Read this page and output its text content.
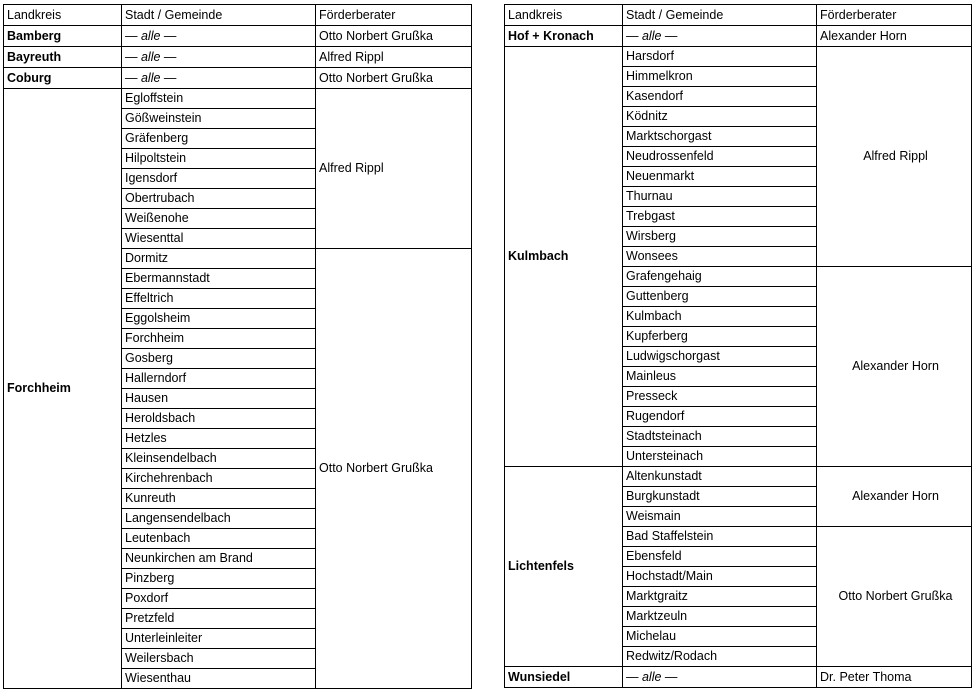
Landkreis	Stadt / Gemeinde	Förderberater
Bamberg	— alle —	Otto Norbert Grußka
Bayreuth	— alle —	Alfred Rippl
Coburg	— alle —	Otto Norbert Grußka
Forchheim	Egloffstein	Alfred Rippl
	Gößweinstein	
	Gräfenberg	
	Hilpoltstein	
	Igensdorf	
	Obertrubach	
	Weißenohe	
	Wiesenttal	
	Dormitz	Otto Norbert Grußka
	Ebermannstadt	
	Effeltrich	
	Eggolsheim	
	Forchheim	
	Gosberg	
	Hallerndorf	
	Hausen	
	Heroldsbach	
	Hetzles	
	Kleinsendelbach	
	Kirchehrenbach	
	Kunreuth	
	Langensendelbach	
	Leutenbach	
	Neunkirchen am Brand	
	Pinzberg	
	Poxdorf	
	Pretzfeld	
	Unterleinleiter	
	Weilersbach	
	Wiesenthau	
Landkreis	Stadt / Gemeinde	Förderberater
Hof + Kronach	— alle —	Alexander Horn
Kulmbach	Harsdorf	Alfred Rippl
	Himmelkron	
	Kasendorf	
	Ködnitz	
	Marktschorgast	
	Neudrossenfeld	
	Neuenmarkt	
	Thurnau	
	Trebgast	
	Wirsberg	
	Wonsees	
	Grafengehaig	Alexander Horn
	Guttenberg	
	Kulmbach	
	Kupferberg	
	Ludwigschorgast	
	Mainleus	
	Presseck	
	Rugendorf	
	Stadtsteinach	
	Untersteinach	
Lichtenfels	Altenkunstadt	Alexander Horn
	Burgkunstadt	
	Weismain	
	Bad Staffelstein	Otto Norbert Grußka
	Ebensfeld	
	Hochstadt/Main	
	Marktgraitz	
	Marktzeuln	
	Michelau	
	Redwitz/Rodach	
Wunsiedel	— alle —	Dr. Peter Thoma
